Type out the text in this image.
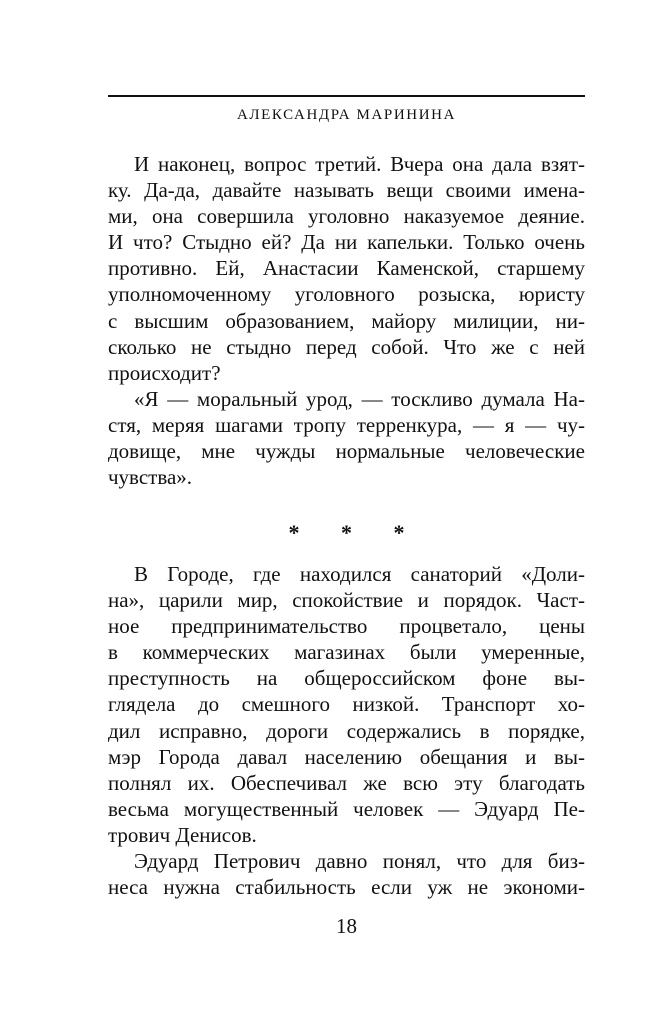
АЛЕКСАНДРА МАРИНИНА
И наконец, вопрос третий. Вчера она дала взят-
ку. Да-да, давайте называть вещи своими имена-
ми, она совершила уголовно наказуемое деяние.
И что? Стыдно ей? Да ни капельки. Только очень
противно. Ей, Анастасии Каменской, старшему
уполномоченному уголовного розыска, юристу
с высшим образованием, майору милиции, ни-
сколько не стыдно перед собой. Что же с ней
происходит?
«Я — моральный урод, — тоскливо думала На-
стя, меряя шагами тропу терренкура, — я — чу-
довище, мне чужды нормальные человеческие
чувства».
* * *
В Городе, где находился санаторий «Доли-
на», царили мир, спокойствие и порядок. Част-
ное предпринимательство процветало, цены
в коммерческих магазинах были умеренные,
преступность на общероссийском фоне вы-
глядела до смешного низкой. Транспорт хо-
дил исправно, дороги содержались в порядке,
мэр Города давал населению обещания и вы-
полнял их. Обеспечивал же всю эту благодать
весьма могущественный человек — Эдуард Пе-
трович Денисов.
Эдуард Петрович давно понял, что для биз-
неса нужна стабильность если уж не экономи-
18
